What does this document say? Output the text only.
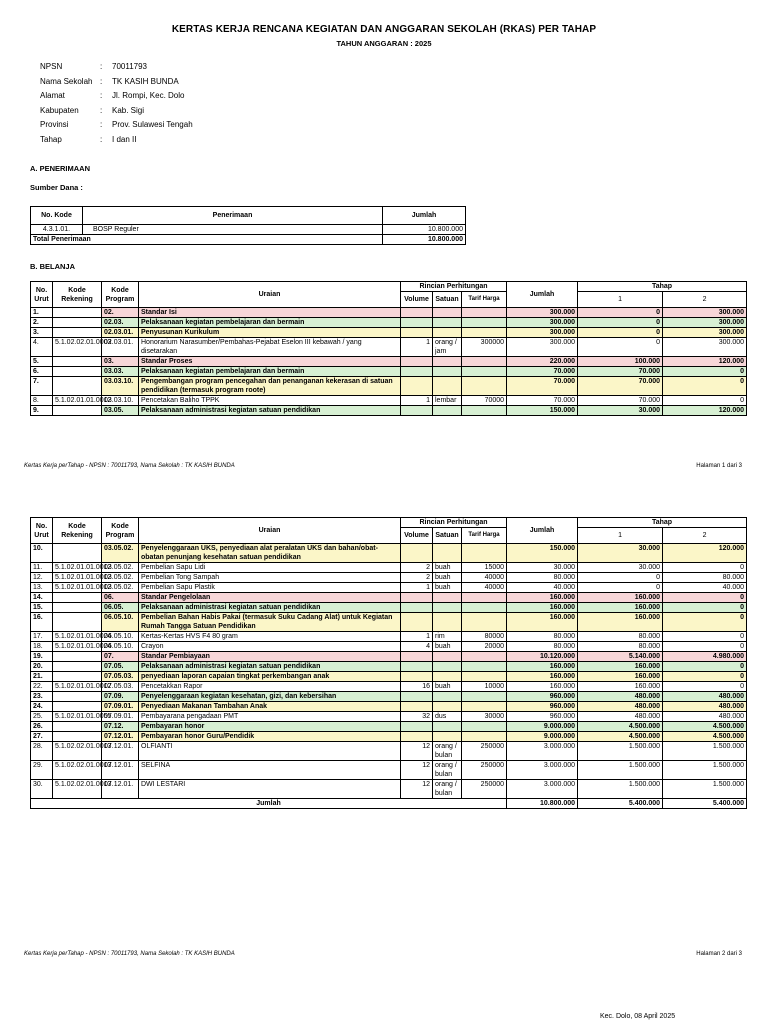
KERTAS KERJA RENCANA KEGIATAN DAN ANGGARAN SEKOLAH (RKAS) PER TAHAP
TAHUN ANGGARAN : 2025
NPSN	:	70011793
Nama Sekolah :	TK KASIH BUNDA
Alamat	:	Jl. Rompi, Kec. Dolo
Kabupaten	:	Kab. Sigi
Provinsi	:	Prov. Sulawesi Tengah
Tahap	:	I dan II
A. PENERIMAAN
Sumber Dana :
No. Kode	Penerimaan	Jumlah
4.3.1.01.	BOSP Reguler	10.800.000
Total Penerimaan		10.800.000
B. BELANJA
No. Urut	Kode Rekening	Kode Program	Uraian	Rincian Perhitungan			Jumlah	Tahap	
				Volume	Satuan	Tarif Harga		1	2
1.		02.	Standar Isi				300.000	0	300.000
2.		02.03.	Pelaksanaan kegiatan pembelajaran dan bermain				300.000	0	300.000
3.		02.03.01.	Penyusunan Kurikulum				300.000	0	300.000
4.	5.1.02.02.01.0003	02.03.01.	Honorarium Narasumber/Pembahas-Pejabat Eselon III kebawah / yang disetarakan	1	orang / jam	300000	300.000	0	300.000
5.		03.	Standar Proses				220.000	100.000	120.000
6.		03.03.	Pelaksanaan kegiatan pembelajaran dan bermain				70.000	70.000	0
7.		03.03.10.	Pengembangan program pencegahan dan penanganan kekerasan di satuan pendidikan (termasuk program roote)				70.000	70.000	0
8.	5.1.02.01.01.0012	03.03.10.	Pencetakan Baliho TPPK	1	lembar	70000	70.000	70.000	0
9.		03.05.	Pelaksanaan administrasi kegiatan satuan pendidikan				150.000	30.000	120.000
Kertas Kerja perTahap - NPSN : 70011793, Nama Sekolah : TK KASIH BUNDA	Halaman 1 dari 3
No. Urut	Kode Rekening	Kode Program	Uraian	Rincian Perhitungan			Jumlah	Tahap	
				Volume	Satuan	Tarif Harga		1	2
10.		03.05.02.	Penyelenggaraan UKS, penyediaan alat peralatan UKS dan bahan/obat-obatan penunjang kesehatan satuan pendidikan				150.000	30.000	120.000
11.	5.1.02.01.01.0012	03.05.02.	Pembelian Sapu Lidi	2	buah	15000	30.000	30.000	0
12.	5.1.02.01.01.0012	03.05.02.	Pembelian Tong Sampah	2	buah	40000	80.000	0	80.000
13.	5.1.02.01.01.0012	03.05.02.	Pembelian Sapu Plastik	1	buah	40000	40.000	0	40.000
14.		06.	Standar Pengelolaan				160.000	160.000	0
15.		06.05.	Pelaksanaan administrasi kegiatan satuan pendidikan				160.000	160.000	0
16.		06.05.10.	Pembelian Bahan Habis Pakai (termasuk Suku Cadang Alat) untuk Kegiatan Rumah Tangga Satuan Pendidikan				160.000	160.000	0
17.	5.1.02.01.01.0024	06.05.10.	Kertas-Kertas HVS F4 80 gram	1	rim	80000	80.000	80.000	0
18.	5.1.02.01.01.0024	06.05.10.	Crayon	4	buah	20000	80.000	80.000	0
19.		07.	Standar Pembiayaan				10.120.000	5.140.000	4.980.000
20.		07.05.	Pelaksanaan administrasi kegiatan satuan pendidikan				160.000	160.000	0
21.		07.05.03.	penyediaan laporan capaian tingkat perkembangan anak				160.000	160.000	0
22.	5.1.02.01.01.0012	07.05.03.	Pencetakkan Rapor	16	buah	10000	160.000	160.000	0
23.		07.09.	Penyelenggaraan kegiatan kesehatan, gizi, dan kebersihan				960.000	480.000	480.000
24.		07.09.01.	Penyediaan Makanan Tambahan Anak				960.000	480.000	480.000
25.	5.1.02.01.01.0055	07.09.01.	Pembayarana pengadaan PMT	32	dus	30000	960.000	480.000	480.000
26.		07.12.	Pembayaran honor				9.000.000	4.500.000	4.500.000
27.		07.12.01.	Pembayaran honor Guru/Pendidik				9.000.000	4.500.000	4.500.000
28.	5.1.02.02.01.0013	07.12.01.	OLFIANTI	12	orang / bulan	250000	3.000.000	1.500.000	1.500.000
29.	5.1.02.02.01.0013	07.12.01.	SELFINA	12	orang / bulan	250000	3.000.000	1.500.000	1.500.000
30.	5.1.02.02.01.0013	07.12.01.	DWI LESTARI	12	orang / bulan	250000	3.000.000	1.500.000	1.500.000
Jumlah							10.800.000	5.400.000	5.400.000
Kertas Kerja perTahap - NPSN : 70011793, Nama Sekolah : TK KASIH BUNDA	Halaman 2 dari 3
Kec. Dolo, 08 April 2025
